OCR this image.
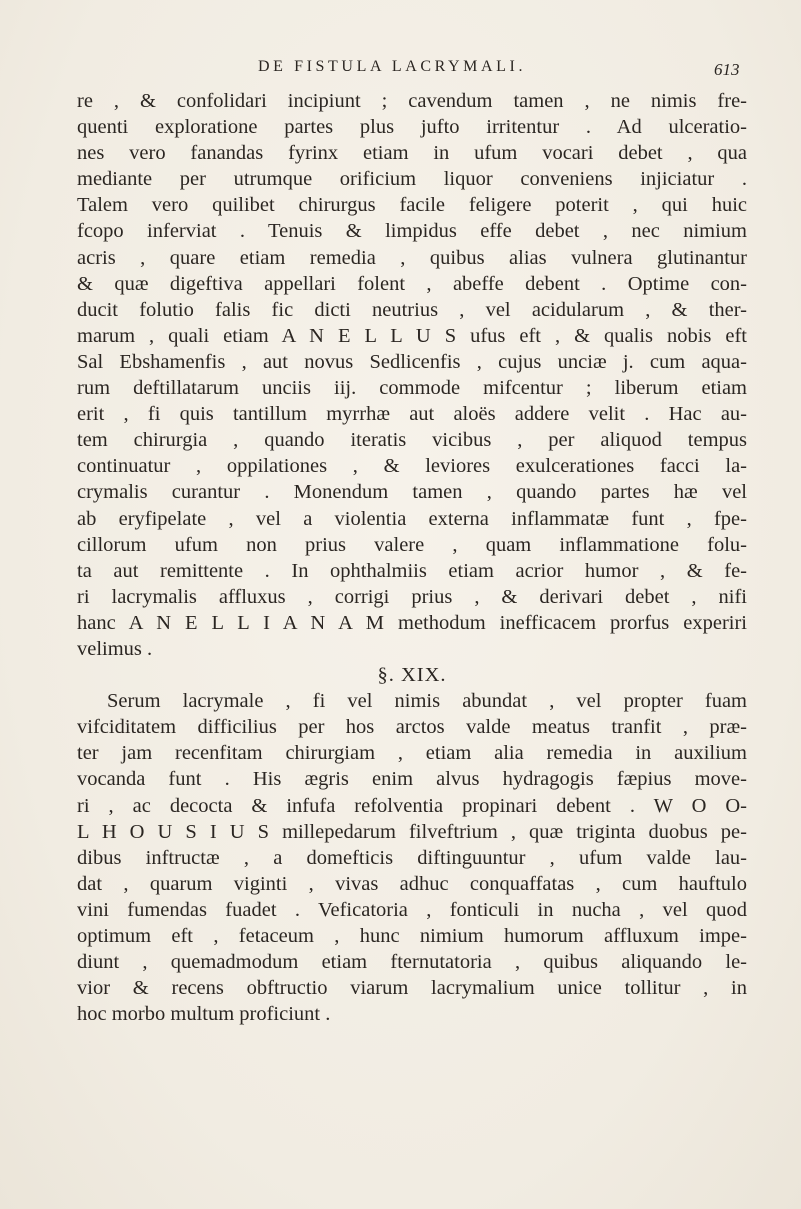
DE FISTULA LACRYMALI.	613
re , & confolidari incipiunt ; cavendum tamen , ne nimis fre-
quenti exploratione partes plus jufto irritentur . Ad ulceratio-
nes vero fanandas fyrinx etiam in ufum vocari debet , qua
mediante per utrumque orificium liquor conveniens injiciatur .
Talem vero quilibet chirurgus facile feligere poterit , qui huic
fcopo inferviat . Tenuis & limpidus effe debet , nec nimium
acris , quare etiam remedia , quibus alias vulnera glutinantur
& quæ digeftiva appellari folent , abeffe debent . Optime con-
ducit folutio falis fic dicti neutrius , vel acidularum , & ther-
marum , quali etiam A N E L L U S ufus eft , & qualis nobis eft
Sal Ebshamenfis , aut novus Sedlicenfis , cujus unciæ j. cum aqua-
rum deftillatarum unciis iij. commode mifcentur ; liberum etiam
erit , fi quis tantillum myrrhæ aut aloës addere velit . Hac au-
tem chirurgia , quando iteratis vicibus , per aliquod tempus
continuatur , oppilationes , & leviores exulcerationes facci la-
crymalis curantur . Monendum tamen , quando partes hæ vel
ab eryfipelate , vel a violentia externa inflammatæ funt , fpe-
cillorum ufum non prius valere , quam inflammatione folu-
ta aut remittente . In ophthalmiis etiam acrior humor , & fe-
ri lacrymalis affluxus , corrigi prius , & derivari debet , nifi
hanc A N E L L I A N A M methodum inefficacem prorfus experiri
velimus .
§. XIX.
Serum lacrymale , fi vel nimis abundat , vel propter fuam
vifciditatem difficilius per hos arctos valde meatus tranfit , præ-
ter jam recenfitam chirurgiam , etiam alia remedia in auxilium
vocanda funt . His ægris enim alvus hydragogis fæpius move-
ri , ac decocta & infufa refolventia propinari debent . W O O-
L H O U S I U S millepedarum filveftrium , quæ triginta duobus pe-
dibus inftructæ , a domefticis diftinguuntur , ufum valde lau-
dat , quarum viginti , vivas adhuc conquaffatas , cum hauftulo
vini fumendas fuadet . Veficatoria , fonticuli in nucha , vel quod
optimum eft , fetaceum , hunc nimium humorum affluxum impe-
diunt , quemadmodum etiam fternutatoria , quibus aliquando le-
vior & recens obftructio viarum lacrymalium unice tollitur , in
hoc morbo multum proficiunt .
